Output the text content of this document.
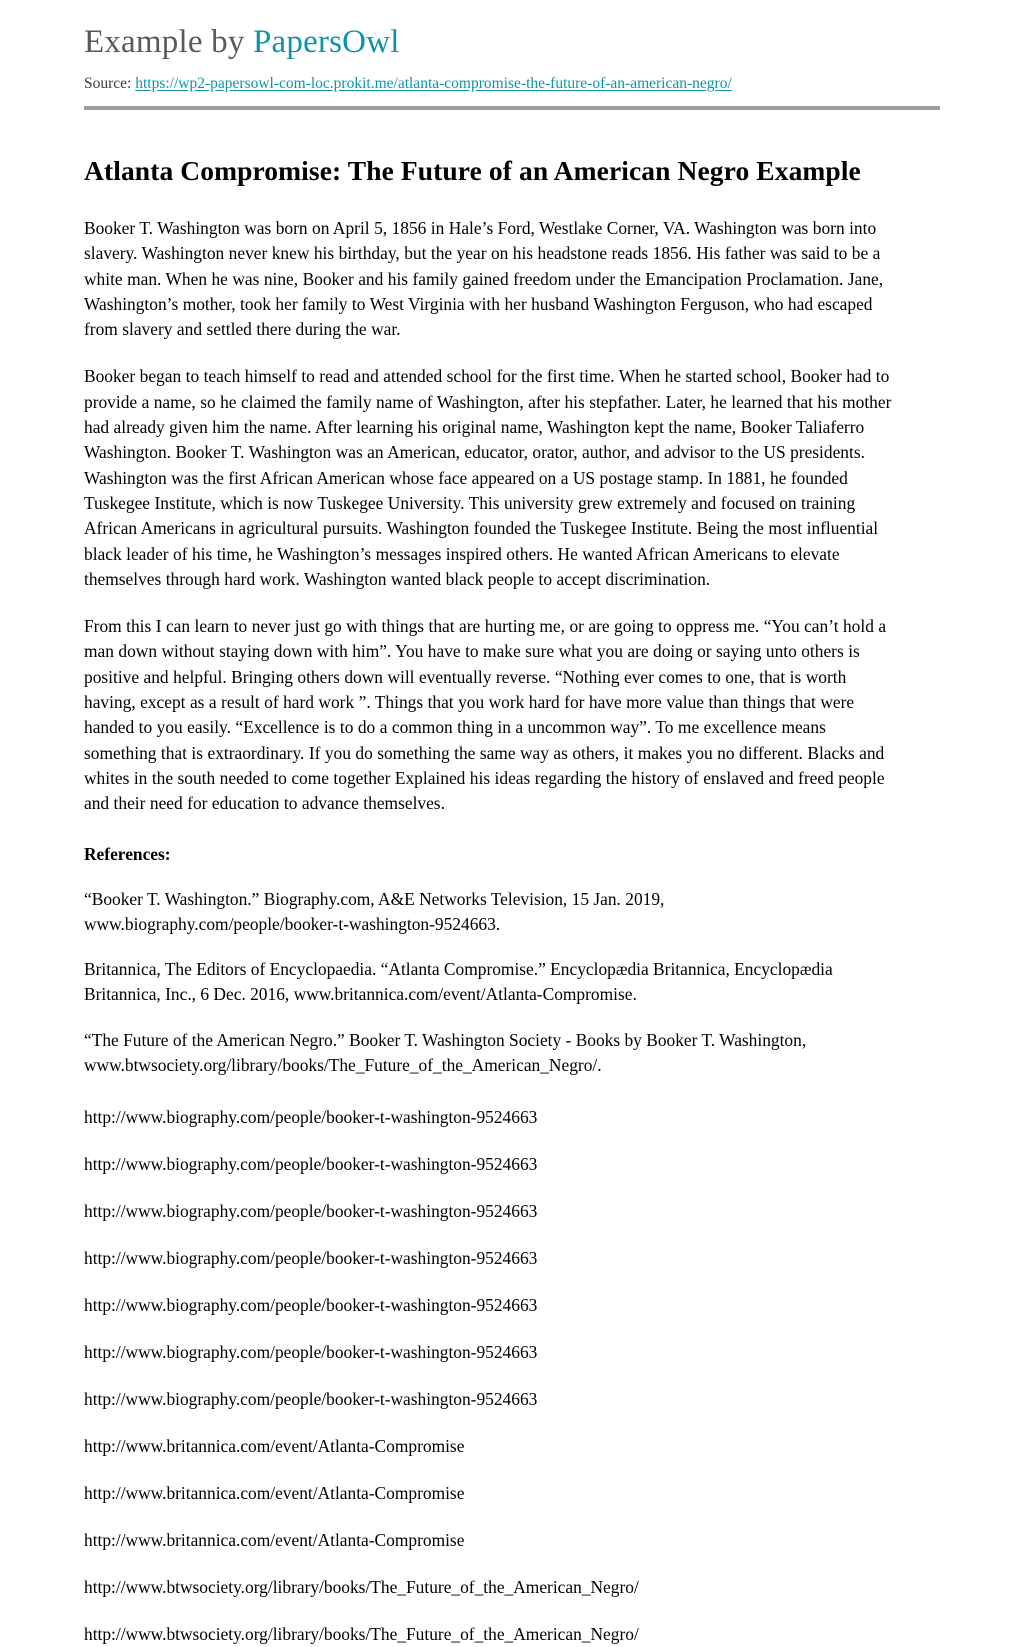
Example by PapersOwl
Source: https://wp2-papersowl-com-loc.prokit.me/atlanta-compromise-the-future-of-an-american-negro/
Atlanta Compromise: The Future of an American Negro Example

Booker T. Washington was born on April 5, 1856 in Hale’s Ford, Westlake Corner, VA. Washington was born into slavery. Washington never knew his birthday, but the year on his headstone reads 1856. His father was said to be a white man. When he was nine, Booker and his family gained freedom under the Emancipation Proclamation. Jane, Washington’s mother, took her family to West Virginia with her husband Washington Ferguson, who had escaped from slavery and settled there during the war.

Booker began to teach himself to read and attended school for the first time. When he started school, Booker had to provide a name, so he claimed the family name of Washington, after his stepfather. Later, he learned that his mother had already given him the name. After learning his original name, Washington kept the name, Booker Taliaferro Washington. Booker T. Washington was an American, educator, orator, author, and advisor to the US presidents. Washington was the first African American whose face appeared on a US postage stamp. In 1881, he founded Tuskegee Institute, which is now Tuskegee University. This university grew extremely and focused on training African Americans in agricultural pursuits. Washington founded the Tuskegee Institute. Being the most influential black leader of his time, he Washington’s messages inspired others. He wanted African Americans to elevate themselves through hard work. Washington wanted black people to accept discrimination.

From this I can learn to never just go with things that are hurting me, or are going to oppress me. “You can’t hold a man down without staying down with him”. You have to make sure what you are doing or saying unto others is positive and helpful. Bringing others down will eventually reverse. “Nothing ever comes to one, that is worth having, except as a result of hard work ”. Things that you work hard for have more value than things that were handed to you easily. “Excellence is to do a common thing in a uncommon way”. To me excellence means something that is extraordinary. If you do something the same way as others, it makes you no different. Blacks and whites in the south needed to come together Explained his ideas regarding the history of enslaved and freed people and their need for education to advance themselves.

References:

“Booker T. Washington.” Biography.com, A&E Networks Television, 15 Jan. 2019, www.biography.com/people/booker-t-washington-9524663.

Britannica, The Editors of Encyclopaedia. “Atlanta Compromise.” Encyclopædia Britannica, Encyclopædia Britannica, Inc., 6 Dec. 2016, www.britannica.com/event/Atlanta-Compromise.

“The Future of the American Negro.” Booker T. Washington Society - Books by Booker T. Washington, www.btwsociety.org/library/books/The_Future_of_the_American_Negro/.

http://www.biography.com/people/booker-t-washington-9524663

http://www.biography.com/people/booker-t-washington-9524663

http://www.biography.com/people/booker-t-washington-9524663

http://www.biography.com/people/booker-t-washington-9524663

http://www.biography.com/people/booker-t-washington-9524663

http://www.biography.com/people/booker-t-washington-9524663

http://www.biography.com/people/booker-t-washington-9524663

http://www.britannica.com/event/Atlanta-Compromise

http://www.britannica.com/event/Atlanta-Compromise

http://www.britannica.com/event/Atlanta-Compromise

http://www.btwsociety.org/library/books/The_Future_of_the_American_Negro/

http://www.btwsociety.org/library/books/The_Future_of_the_American_Negro/
